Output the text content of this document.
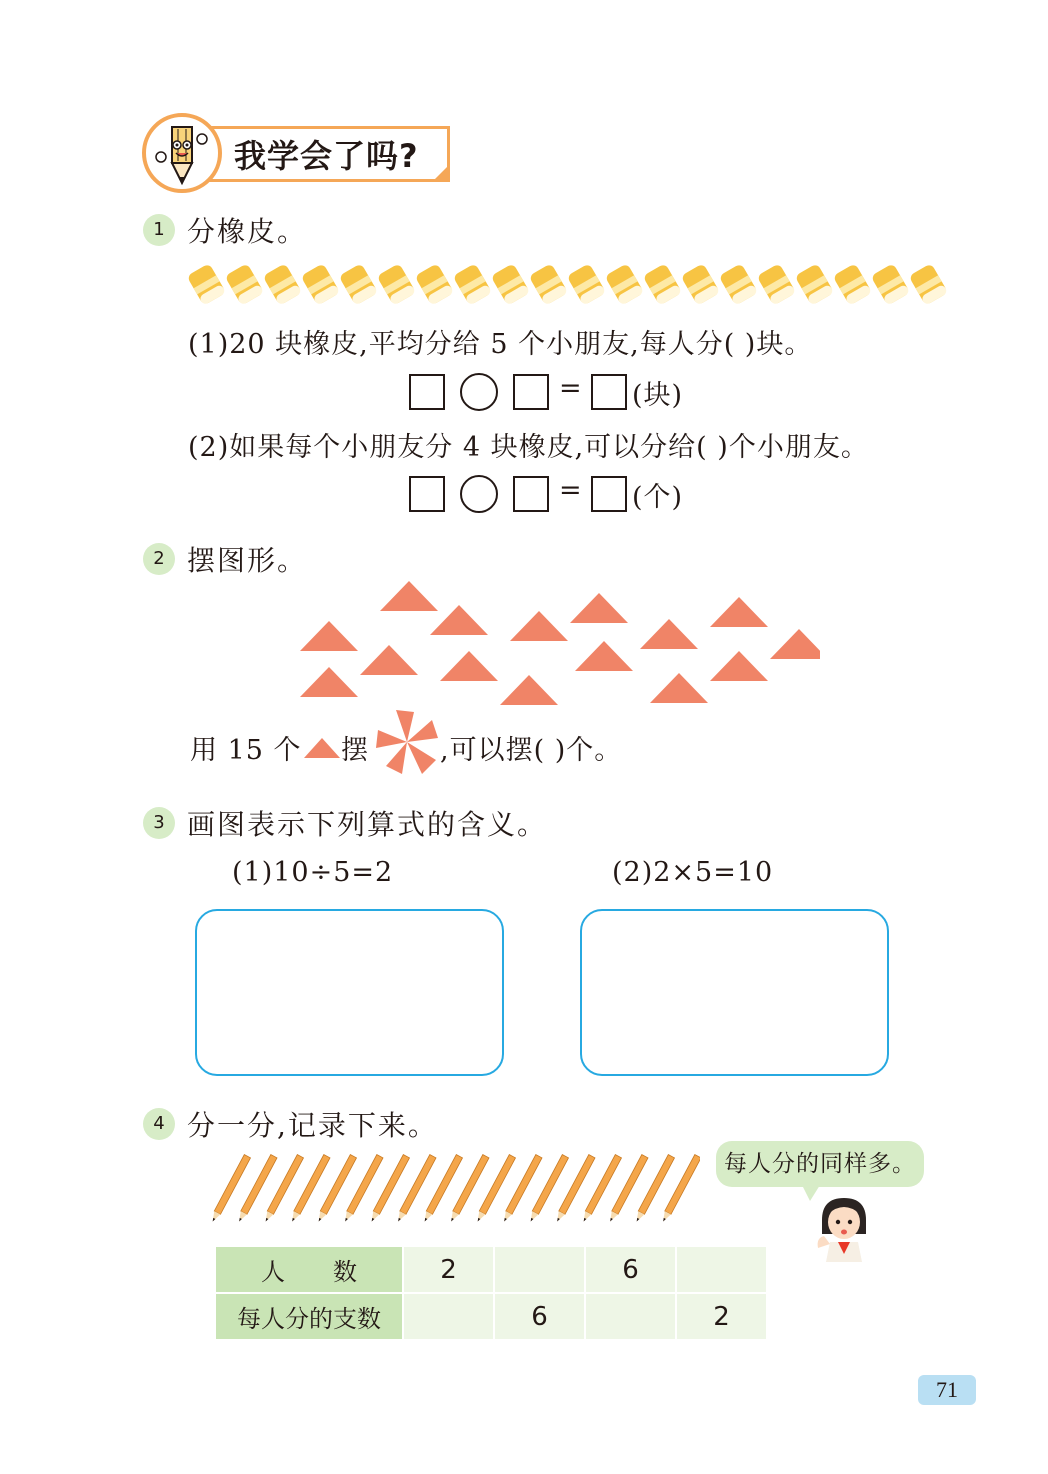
我学会了吗?
1 分橡皮。
(1)20 块橡皮,平均分给 5 个小朋友,每人分( )块。
= (块)
(2)如果每个小朋友分 4 块橡皮,可以分给( )个小朋友。
= (个)
2 摆图形。
用 15 个 摆	,可以摆( )个。
3 画图表示下列算式的含义。
(1)10÷5=2	(2)2×5=10
4 分一分,记录下来。
每人分的同样多。
人　　数	2		6	
每人分的支数		6		2
71
